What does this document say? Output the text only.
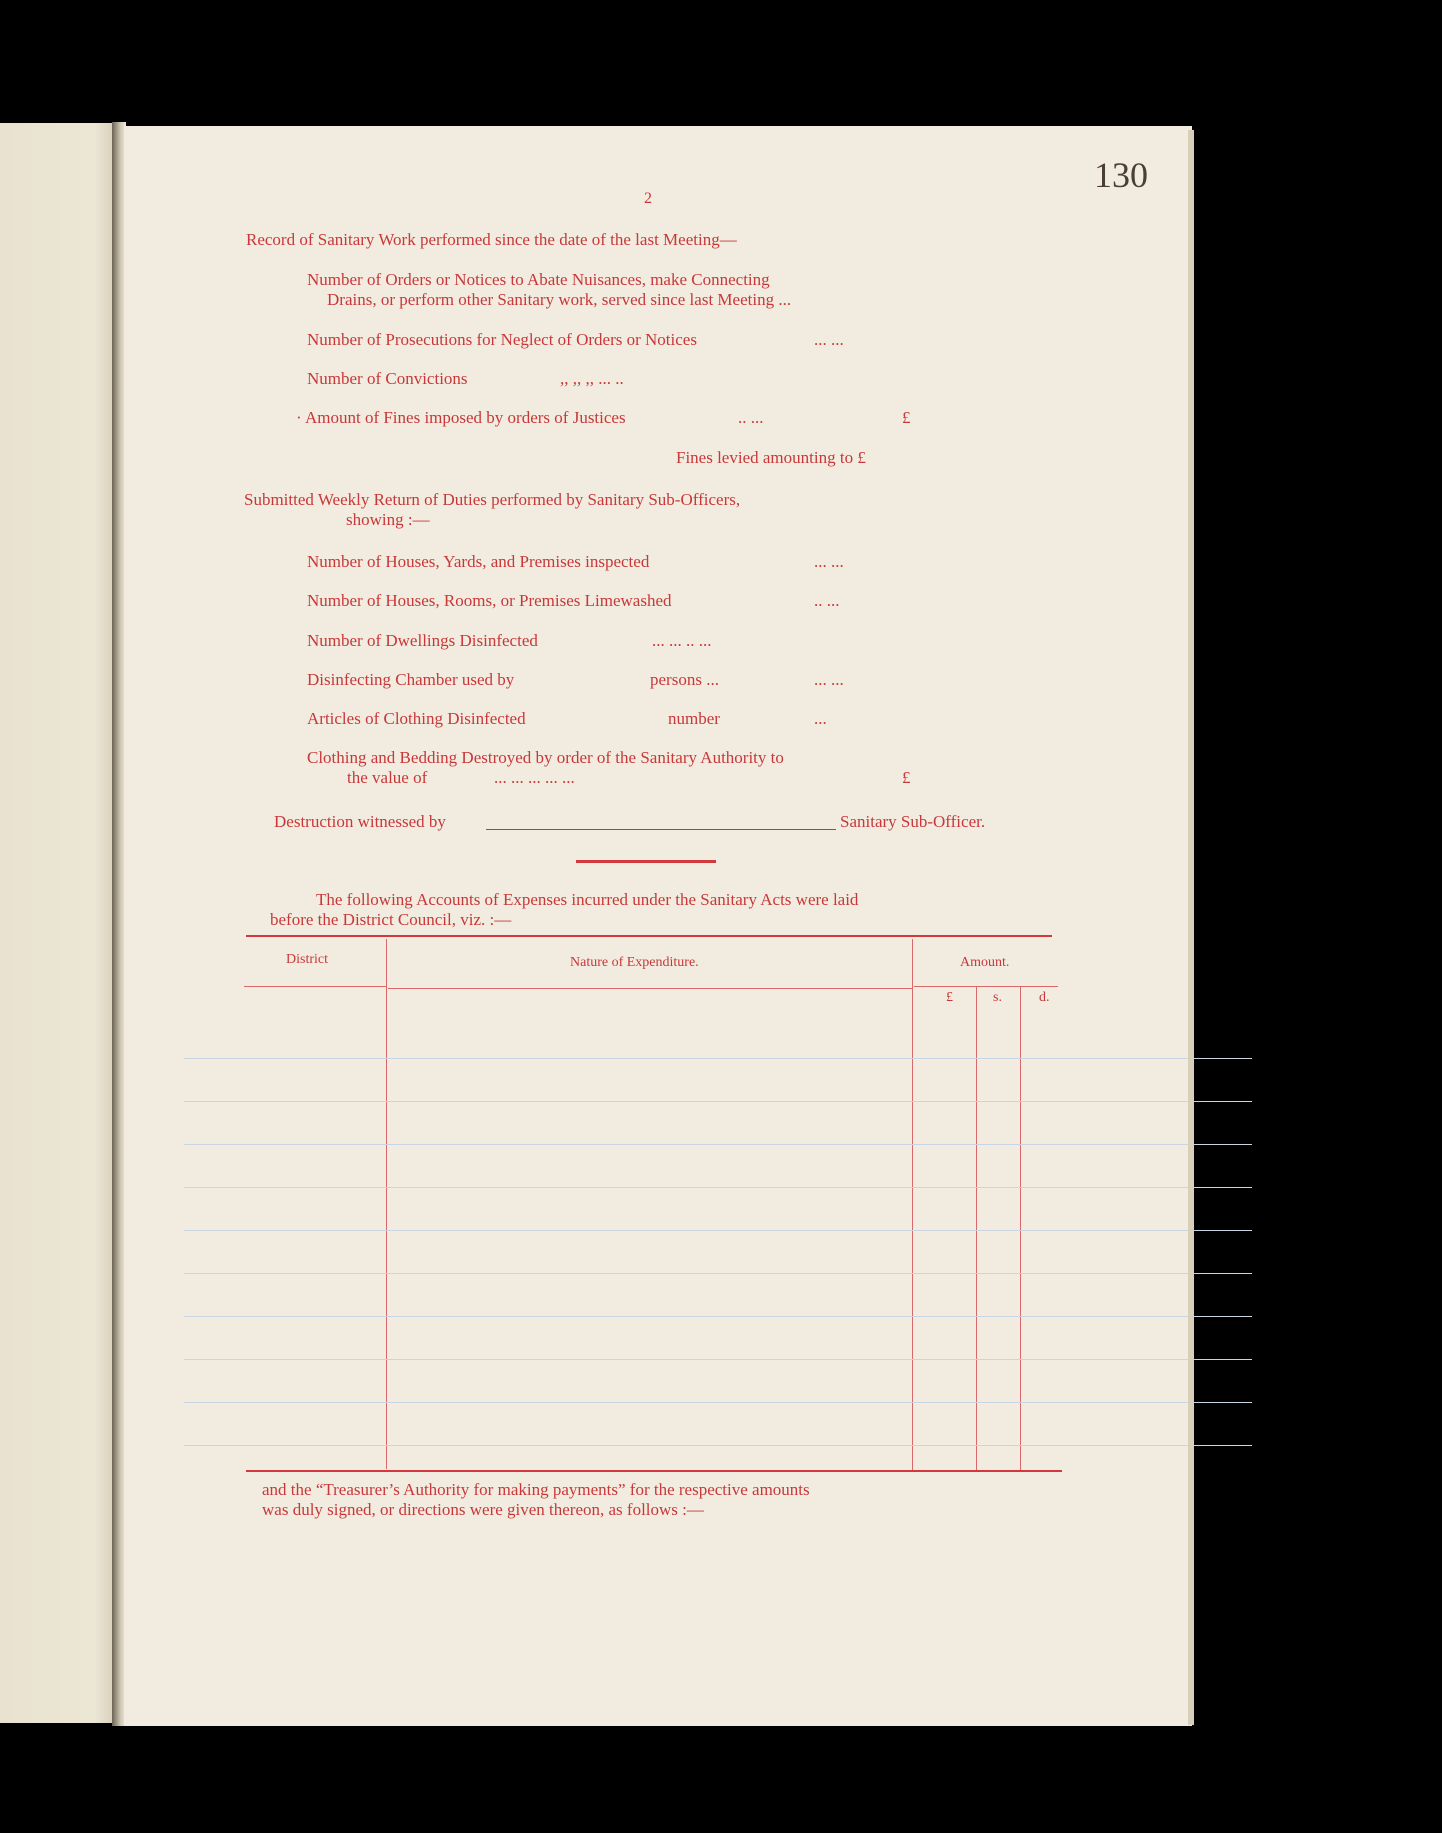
130
2
Record of Sanitary Work performed since the date of the last Meeting—
Number of Orders or Notices to Abate Nuisances, make Connecting
Drains, or perform other Sanitary work, served since last Meeting ...
Number of Prosecutions for Neglect of Orders or Notices	... ...
Number of Convictions	,, ,, ,, ... ..
· Amount of Fines imposed by orders of Justices	.. ...	£
Fines levied amounting to £
Submitted Weekly Return of Duties performed by Sanitary Sub-Officers,
showing :—
Number of Houses, Yards, and Premises inspected	... ...
Number of Houses, Rooms, or Premises Limewashed	.. ...
Number of Dwellings Disinfected	... ... .. ...
Disinfecting Chamber used by	persons ...	... ...
Articles of Clothing Disinfected	number	...
Clothing and Bedding Destroyed by order of the Sanitary Authority to
the value of	... ... ... ... ...	£
Destruction witnessed by	Sanitary Sub-Officer.
The following Accounts of Expenses incurred under the Sanitary Acts were laid
before the District Council, viz. :—
District	Nature of Expenditure.	Amount.
£	s.	d.
and the “Treasurer’s Authority for making payments” for the respective amounts
was duly signed, or directions were given thereon, as follows :—
